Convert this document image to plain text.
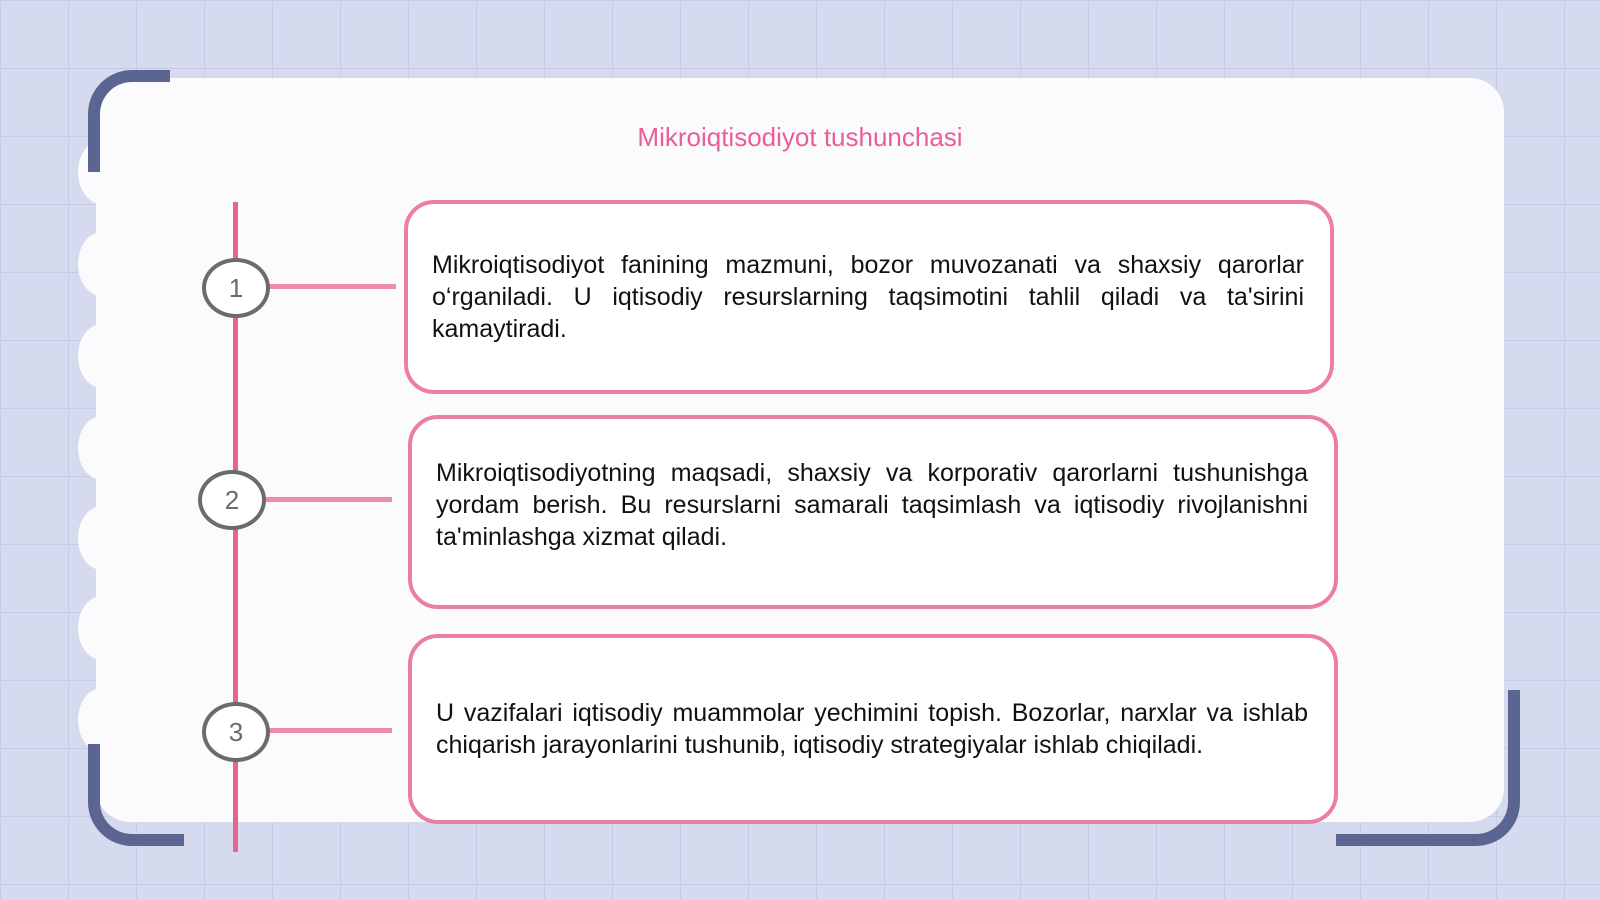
Mikroiqtisodiyot tushunchasi
1

Mikroiqtisodiyot fanining mazmuni, bozor muvozanati va shaxsiy qarorlar o‘rganiladi. U iqtisodiy resurslarning taqsimotini tahlil qiladi va ta'sirini kamaytiradi.

2

Mikroiqtisodiyotning maqsadi, shaxsiy va korporativ qarorlarni tushunishga yordam berish. Bu resurslarni samarali taqsimlash va iqtisodiy rivojlanishni ta'minlashga xizmat qiladi.

3

U vazifalari iqtisodiy muammolar yechimini topish. Bozorlar, narxlar va ishlab chiqarish jarayonlarini tushunib, iqtisodiy strategiyalar ishlab chiqiladi.
